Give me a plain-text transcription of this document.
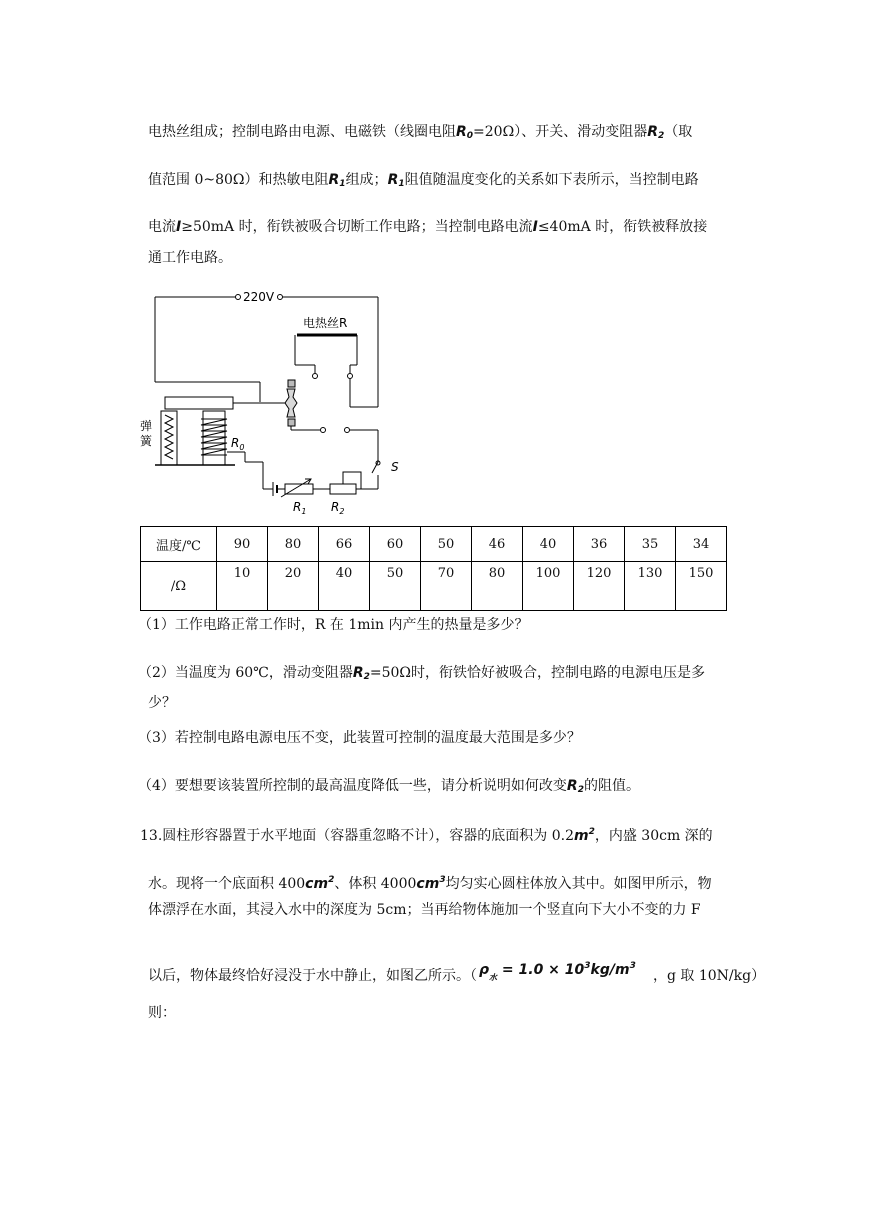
电热丝组成；控制电路由电源、电磁铁（线圈电阻$R_0=20\Omega$）、开关、滑动变阻器$R_2$（取
值范围 0~80Ω）和热敏电阻$R_1$组成；$R_1$阻值随温度变化的关系如下表所示，当控制电路
电流I≥50mA 时，衔铁被吸合切断工作电路；当控制电路电流I≤40mA 时，衔铁被释放接
通工作电路。
220V
电热丝R
弹
簧	$R_0$
S
$R_1$ $R_2$
温度/℃	90	80	66	60	50	46	40	36	35	34
/Ω	10	20	40	50	70	80	100	120	130	150
（1）工作电路正常工作时，R 在 1min 内产生的热量是多少？
（2）当温度为 60℃，滑动变阻器$R_2=50\Omega$时，衔铁恰好被吸合，控制电路的电源电压是多
少？
（3）若控制电路电源电压不变，此装置可控制的温度最大范围是多少？
（4）要想要该装置所控制的最高温度降低一些，请分析说明如何改变$R_2$的阻值。
13.圆柱形容器置于水平地面（容器重忽略不计），容器的底面积为 $0.2m^2$，内盛 30cm 深的
水。现将一个底面积 $400cm^2$、体积 $4000cm^3$均匀实心圆柱体放入其中。如图甲所示，物
体漂浮在水面，其浸入水中的深度为 5cm；当再给物体施加一个竖直向下大小不变的力 F
以后，物体最终恰好浸没于水中静止，如图乙所示。（ $\rho_水 = 1.0 \times 10^3kg/m^3$
，g 取 10N/kg）
则：
